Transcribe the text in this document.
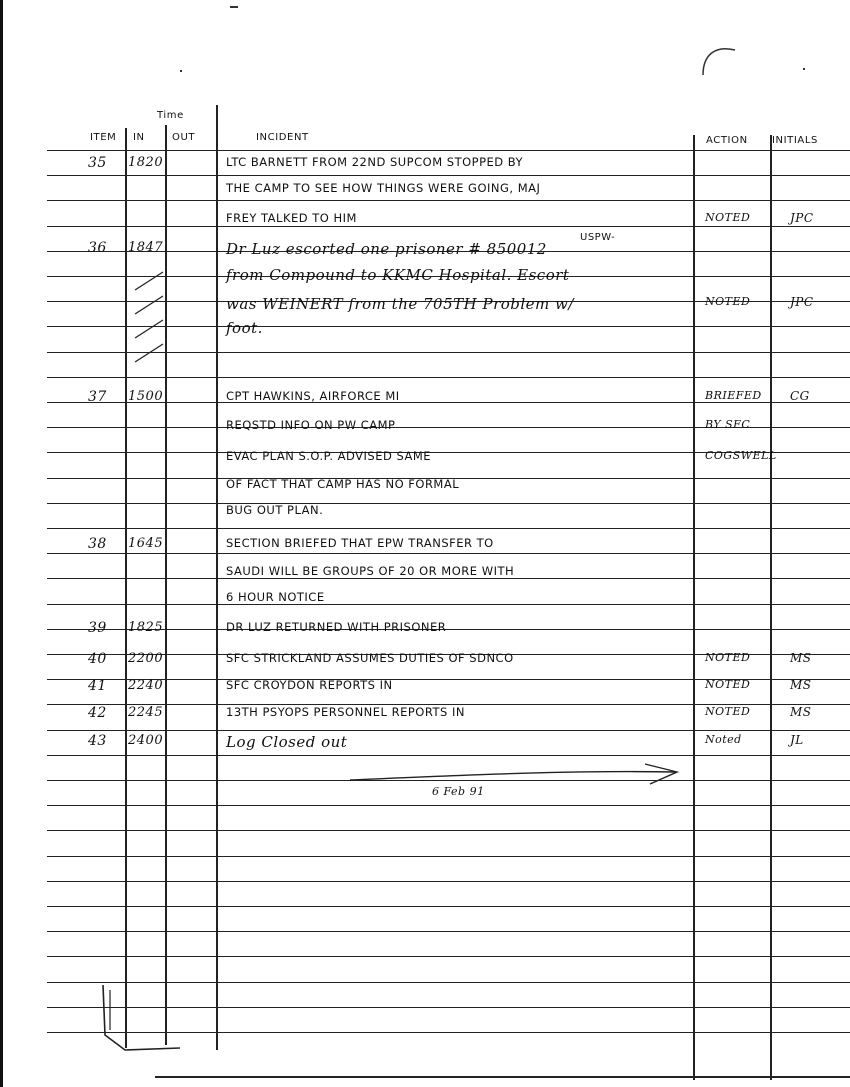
Time
ITEM IN	OUT	INCIDENT	ACTION INITIALS
35 1820	LTC BARNETT FROM 22ND SUPCOM STOPPED BY
THE CAMP TO SEE HOW THINGS WERE GOING, MAJ
FREY TALKED TO HIM	NOTED	JPC
36 1847	Dr Luz escorted one prisoner # 850012
from Compound to KKMC Hospital. Escort
was WEINERT from the 705TH Problem w/	NOTED	JPC
foot.
37 1500	CPT HAWKINS, AIRFORCE MI	BRIEFED CG
REQSTD INFO ON PW CAMP	BY SFC
EVAC PLAN S.O.P. ADVISED SAME	COGSWELL
OF FACT THAT CAMP HAS NO FORMAL
BUG OUT PLAN.
38 1645	SECTION BRIEFED THAT EPW TRANSFER TO
SAUDI WILL BE GROUPS OF 20 OR MORE WITH
6 HOUR NOTICE
39 1825	DR LUZ RETURNED WITH PRISONER
40 2200	SFC STRICKLAND ASSUMES DUTIES OF SDNCO	NOTED	MS
41 2240	SFC CROYDON REPORTS IN	NOTED	MS
42 2245	13TH PSYOPS PERSONNEL REPORTS IN	NOTED	MS
43 2400	Log Closed out	Noted	JL
USPW-
6 Feb 91
